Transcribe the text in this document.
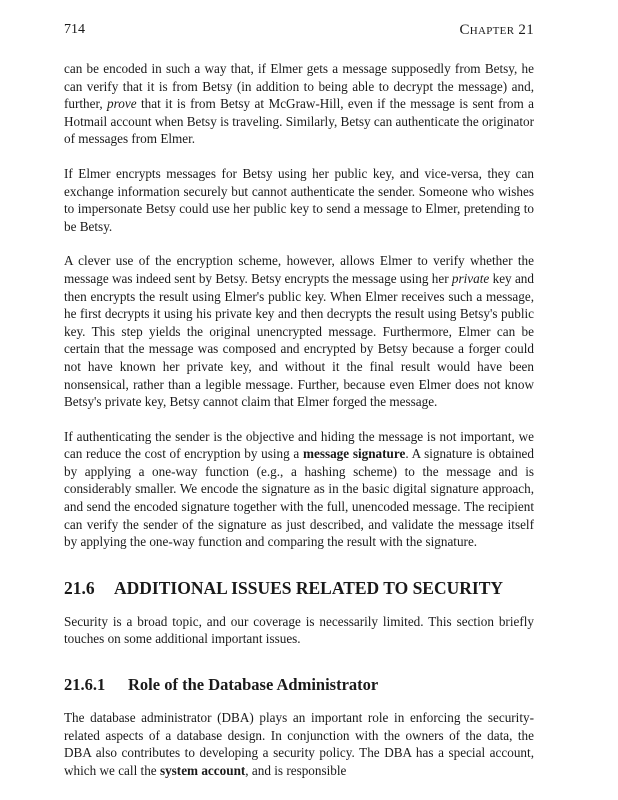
714	Chapter 21

can be encoded in such a way that, if Elmer gets a message supposedly from Betsy, he can verify that it is from Betsy (in addition to being able to decrypt the message) and, further, prove that it is from Betsy at McGraw-Hill, even if the message is sent from a Hotmail account when Betsy is traveling. Similarly, Betsy can authenticate the originator of messages from Elmer.

If Elmer encrypts messages for Betsy using her public key, and vice-versa, they can exchange information securely but cannot authenticate the sender. Someone who wishes to impersonate Betsy could use her public key to send a message to Elmer, pretending to be Betsy.

A clever use of the encryption scheme, however, allows Elmer to verify whether the message was indeed sent by Betsy. Betsy encrypts the message using her private key and then encrypts the result using Elmer's public key. When Elmer receives such a message, he first decrypts it using his private key and then decrypts the result using Betsy's public key. This step yields the original unencrypted message. Furthermore, Elmer can be certain that the message was composed and encrypted by Betsy because a forger could not have known her private key, and without it the final result would have been nonsensical, rather than a legible message. Further, because even Elmer does not know Betsy's private key, Betsy cannot claim that Elmer forged the message.

If authenticating the sender is the objective and hiding the message is not important, we can reduce the cost of encryption by using a message signature. A signature is obtained by applying a one-way function (e.g., a hashing scheme) to the message and is considerably smaller. We encode the signature as in the basic digital signature approach, and send the encoded signature together with the full, unencoded message. The recipient can verify the sender of the signature as just described, and validate the message itself by applying the one-way function and comparing the result with the signature.

21.6 ADDITIONAL ISSUES RELATED TO SECURITY

Security is a broad topic, and our coverage is necessarily limited. This section briefly touches on some additional important issues.

21.6.1 Role of the Database Administrator

The database administrator (DBA) plays an important role in enforcing the security-related aspects of a database design. In conjunction with the owners of the data, the DBA also contributes to developing a security policy. The DBA has a special account, which we call the system account, and is responsible
